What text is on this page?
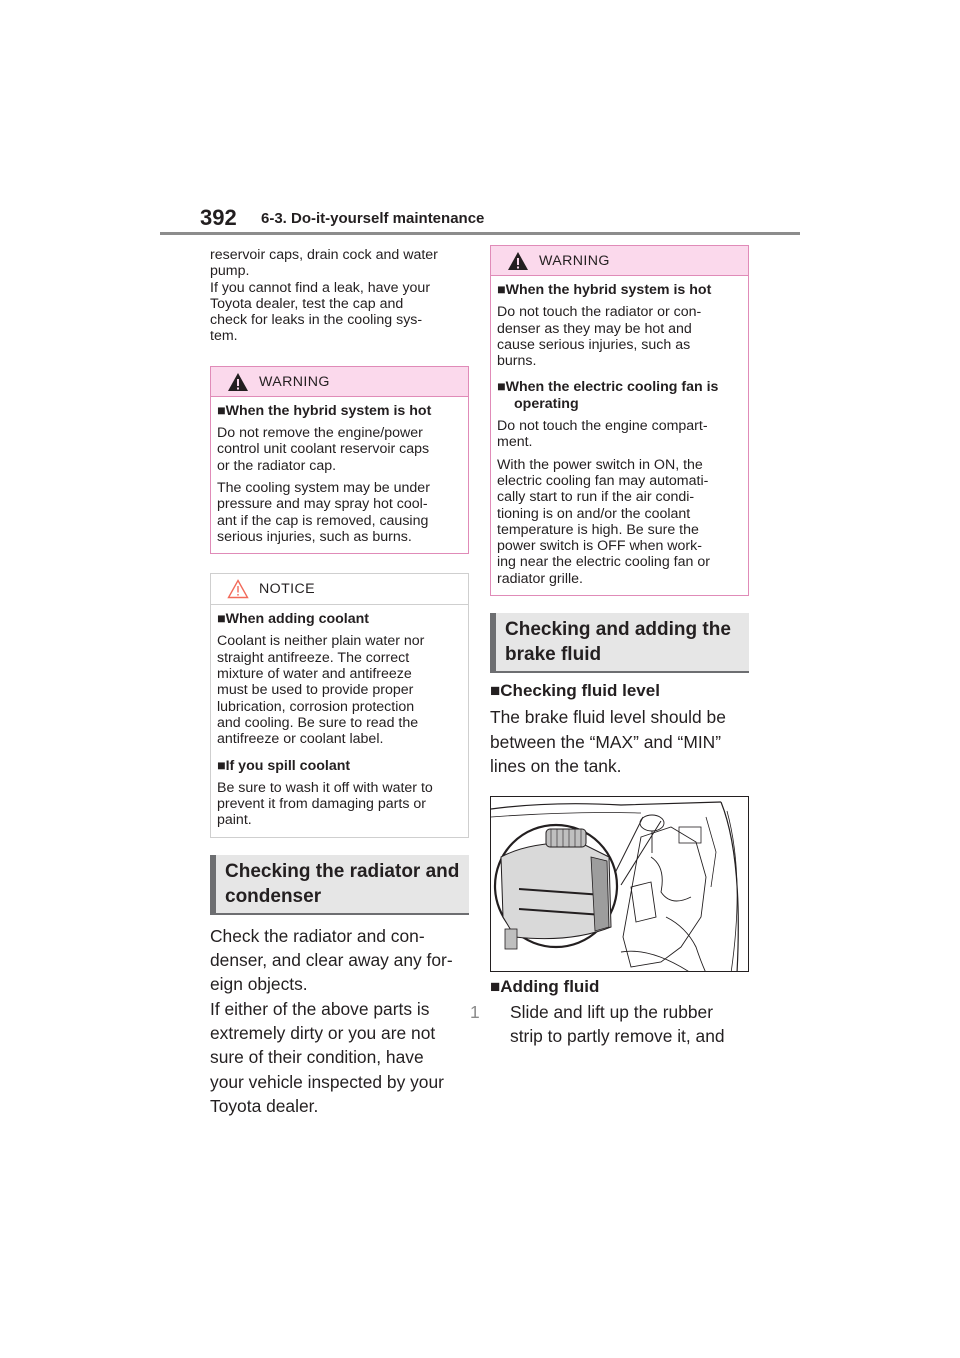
392 6-3. Do-it-yourself maintenance
reservoir caps, drain cock and water
pump.
If you cannot find a leak, have your
Toyota dealer, test the cap and
check for leaks in the cooling sys-
tem.
WARNING
■When the hybrid system is hot
Do not remove the engine/power
control unit coolant reservoir caps
or the radiator cap.
The cooling system may be under
pressure and may spray hot cool-
ant if the cap is removed, causing
serious injuries, such as burns.
NOTICE
■When adding coolant
Coolant is neither plain water nor
straight antifreeze. The correct
mixture of water and antifreeze
must be used to provide proper
lubrication, corrosion protection
and cooling. Be sure to read the
antifreeze or coolant label.
■If you spill coolant
Be sure to wash it off with water to
prevent it from damaging parts or
paint.
Checking the radiator and
condenser
Check the radiator and con-
denser, and clear away any for-
eign objects.
If either of the above parts is
extremely dirty or you are not
sure of their condition, have
your vehicle inspected by your
Toyota dealer.
WARNING
■When the hybrid system is hot
Do not touch the radiator or con-
denser as they may be hot and
cause serious injuries, such as
burns.
■When the electric cooling fan is operating
Do not touch the engine compart-
ment.
With the power switch in ON, the
electric cooling fan may automati-
cally start to run if the air condi-
tioning is on and/or the coolant
temperature is high. Be sure the
power switch is OFF when work-
ing near the electric cooling fan or
radiator grille.
Checking and adding the
brake fluid
■Checking fluid level
The brake fluid level should be
between the “MAX” and “MIN”
lines on the tank.
■Adding fluid
1 Slide and lift up the rubber
strip to partly remove it, and
